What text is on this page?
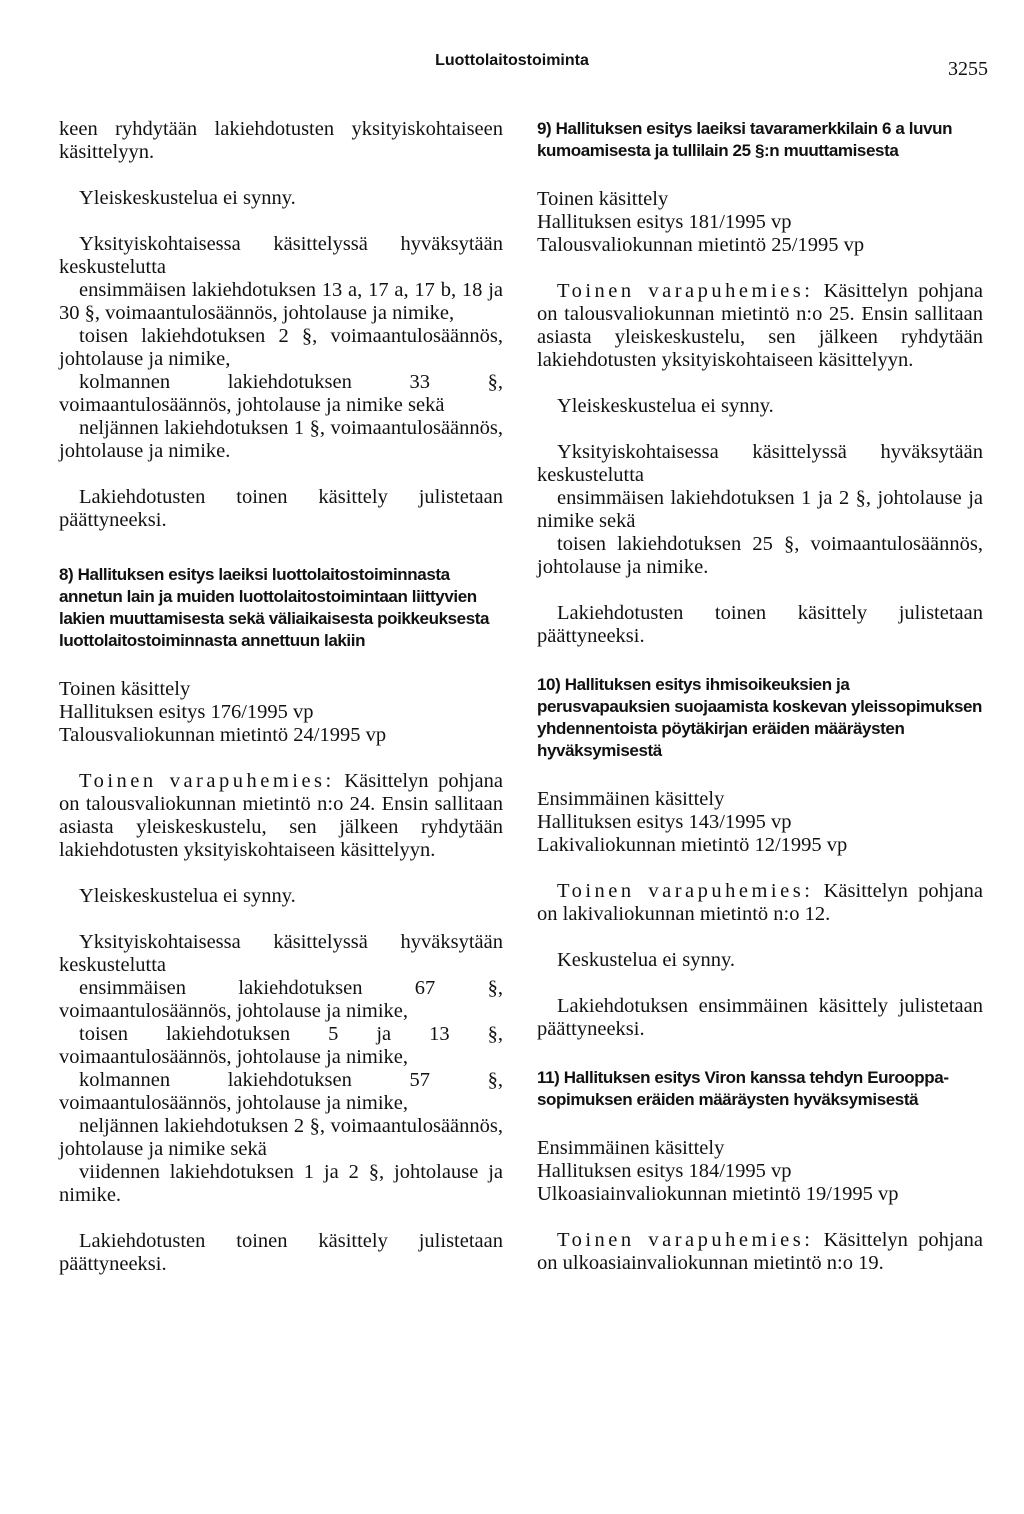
Luottolaitostoiminta	3255

keen ryhdytään lakiehdotusten yksityiskohtaiseen käsittelyyn.

Yleiskeskustelua ei synny.

Yksityiskohtaisessa käsittelyssä hyväksytään keskustelutta

ensimmäisen lakiehdotuksen 13 a, 17 a, 17 b, 18 ja 30 §, voimaantulosäännös, johtolause ja nimike,

toisen lakiehdotuksen 2 §, voimaantulosäännös, johtolause ja nimike,

kolmannen lakiehdotuksen 33 §, voimaantulosäännös, johtolause ja nimike sekä

neljännen lakiehdotuksen 1 §, voimaantulosäännös, johtolause ja nimike.

Lakiehdotusten toinen käsittely julistetaan päättyneeksi.

8) Hallituksen esitys laeiksi luottolaitostoiminnasta annetun lain ja muiden luottolaitostoimintaan liittyvien lakien muuttamisesta sekä väliaikaisesta poikkeuksesta luottolaitostoiminnasta annettuun lakiin

Toinen käsittely

Hallituksen esitys 176/1995 vp

Talousvaliokunnan mietintö 24/1995 vp

Toinen varapuhemies: Käsittelyn pohjana on talousvaliokunnan mietintö n:o 24. Ensin sallitaan asiasta yleiskeskustelu, sen jälkeen ryhdytään lakiehdotusten yksityiskohtaiseen käsittelyyn.

Yleiskeskustelua ei synny.

Yksityiskohtaisessa käsittelyssä hyväksytään keskustelutta

ensimmäisen lakiehdotuksen 67 §, voimaantulosäännös, johtolause ja nimike,

toisen lakiehdotuksen 5 ja 13 §, voimaantulosäännös, johtolause ja nimike,

kolmannen lakiehdotuksen 57 §, voimaantulosäännös, johtolause ja nimike,

neljännen lakiehdotuksen 2 §, voimaantulosäännös, johtolause ja nimike sekä

viidennen lakiehdotuksen 1 ja 2 §, johtolause ja nimike.

Lakiehdotusten toinen käsittely julistetaan päättyneeksi.

9) Hallituksen esitys laeiksi tavaramerkkilain 6 a luvun kumoamisesta ja tullilain 25 §:n muuttamisesta

Toinen käsittely

Hallituksen esitys 181/1995 vp

Talousvaliokunnan mietintö 25/1995 vp

Toinen varapuhemies: Käsittelyn pohjana on talousvaliokunnan mietintö n:o 25. Ensin sallitaan asiasta yleiskeskustelu, sen jälkeen ryhdytään lakiehdotusten yksityiskohtaiseen käsittelyyn.

Yleiskeskustelua ei synny.

Yksityiskohtaisessa käsittelyssä hyväksytään keskustelutta

ensimmäisen lakiehdotuksen 1 ja 2 §, johtolause ja nimike sekä

toisen lakiehdotuksen 25 §, voimaantulosäännös, johtolause ja nimike.

Lakiehdotusten toinen käsittely julistetaan päättyneeksi.

10) Hallituksen esitys ihmisoikeuksien ja perusvapauksien suojaamista koskevan yleissopimuksen yhdennentoista pöytäkirjan eräiden määräysten hyväksymisestä

Ensimmäinen käsittely

Hallituksen esitys 143/1995 vp

Lakivaliokunnan mietintö 12/1995 vp

Toinen varapuhemies: Käsittelyn pohjana on lakivaliokunnan mietintö n:o 12.

Keskustelua ei synny.

Lakiehdotuksen ensimmäinen käsittely julistetaan päättyneeksi.

11) Hallituksen esitys Viron kanssa tehdyn Eurooppa-sopimuksen eräiden määräysten hyväksymisestä

Ensimmäinen käsittely

Hallituksen esitys 184/1995 vp

Ulkoasiainvaliokunnan mietintö 19/1995 vp

Toinen varapuhemies: Käsittelyn pohjana on ulkoasiainvaliokunnan mietintö n:o 19.
